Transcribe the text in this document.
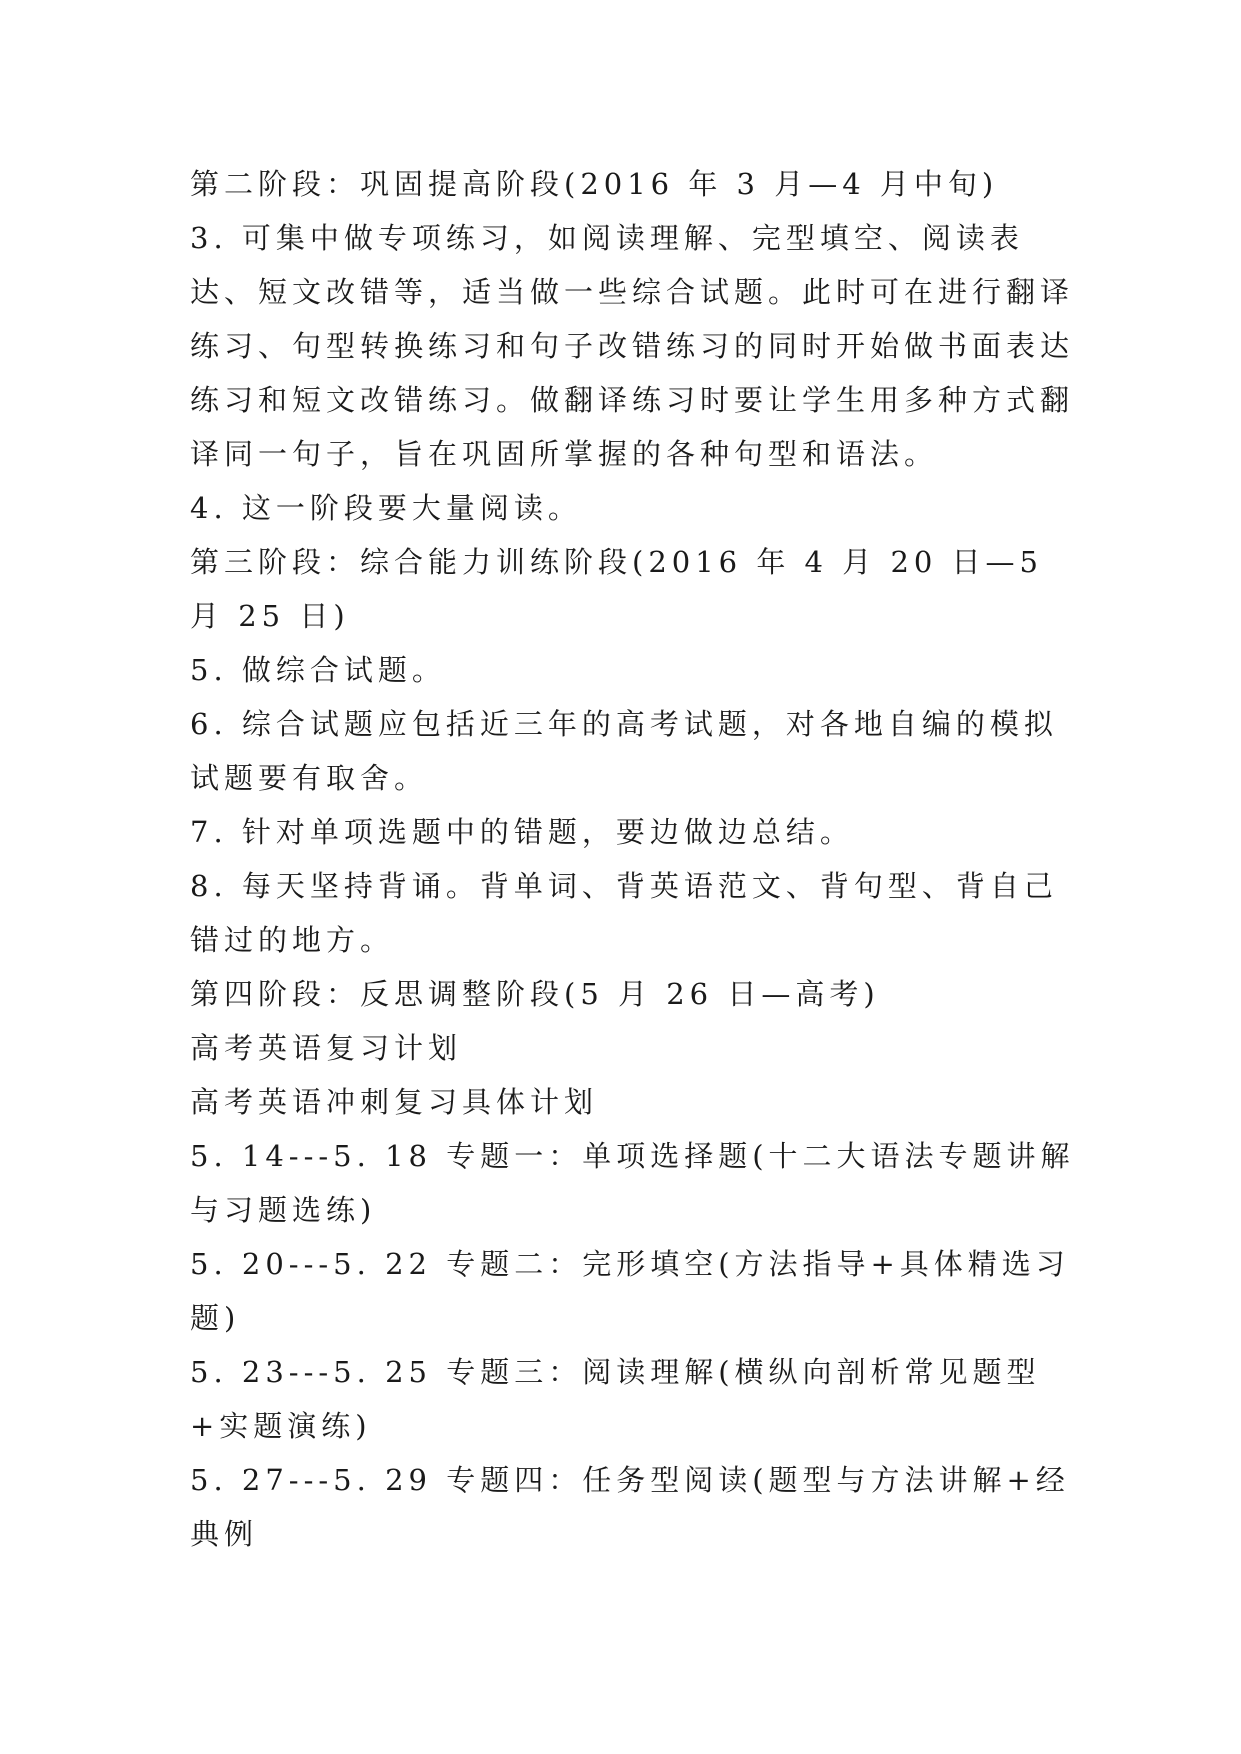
第二阶段：巩固提高阶段(2016 年 3 月—4 月中旬)

3. 可集中做专项练习，如阅读理解、完型填空、阅读表达、短文改错等，适当做一些综合试题。此时可在进行翻译练习、句型转换练习和句子改错练习的同时开始做书面表达练习和短文改错练习。做翻译练习时要让学生用多种方式翻译同一句子，旨在巩固所掌握的各种句型和语法。

4. 这一阶段要大量阅读。

第三阶段：综合能力训练阶段(2016 年 4 月 20 日—5 月 25 日)

5. 做综合试题。

6. 综合试题应包括近三年的高考试题，对各地自编的模拟试题要有取舍。

7. 针对单项选题中的错题，要边做边总结。

8. 每天坚持背诵。背单词、背英语范文、背句型、背自己错过的地方。

第四阶段：反思调整阶段(5 月 26 日—高考)

高考英语复习计划

高考英语冲刺复习具体计划

5. 14---5. 18 专题一：单项选择题(十二大语法专题讲解与习题选练)

5. 20---5. 22 专题二：完形填空(方法指导+具体精选习题)

5. 23---5. 25 专题三：阅读理解(横纵向剖析常见题型+实题演练)

5. 27---5. 29 专题四：任务型阅读(题型与方法讲解+经典例
